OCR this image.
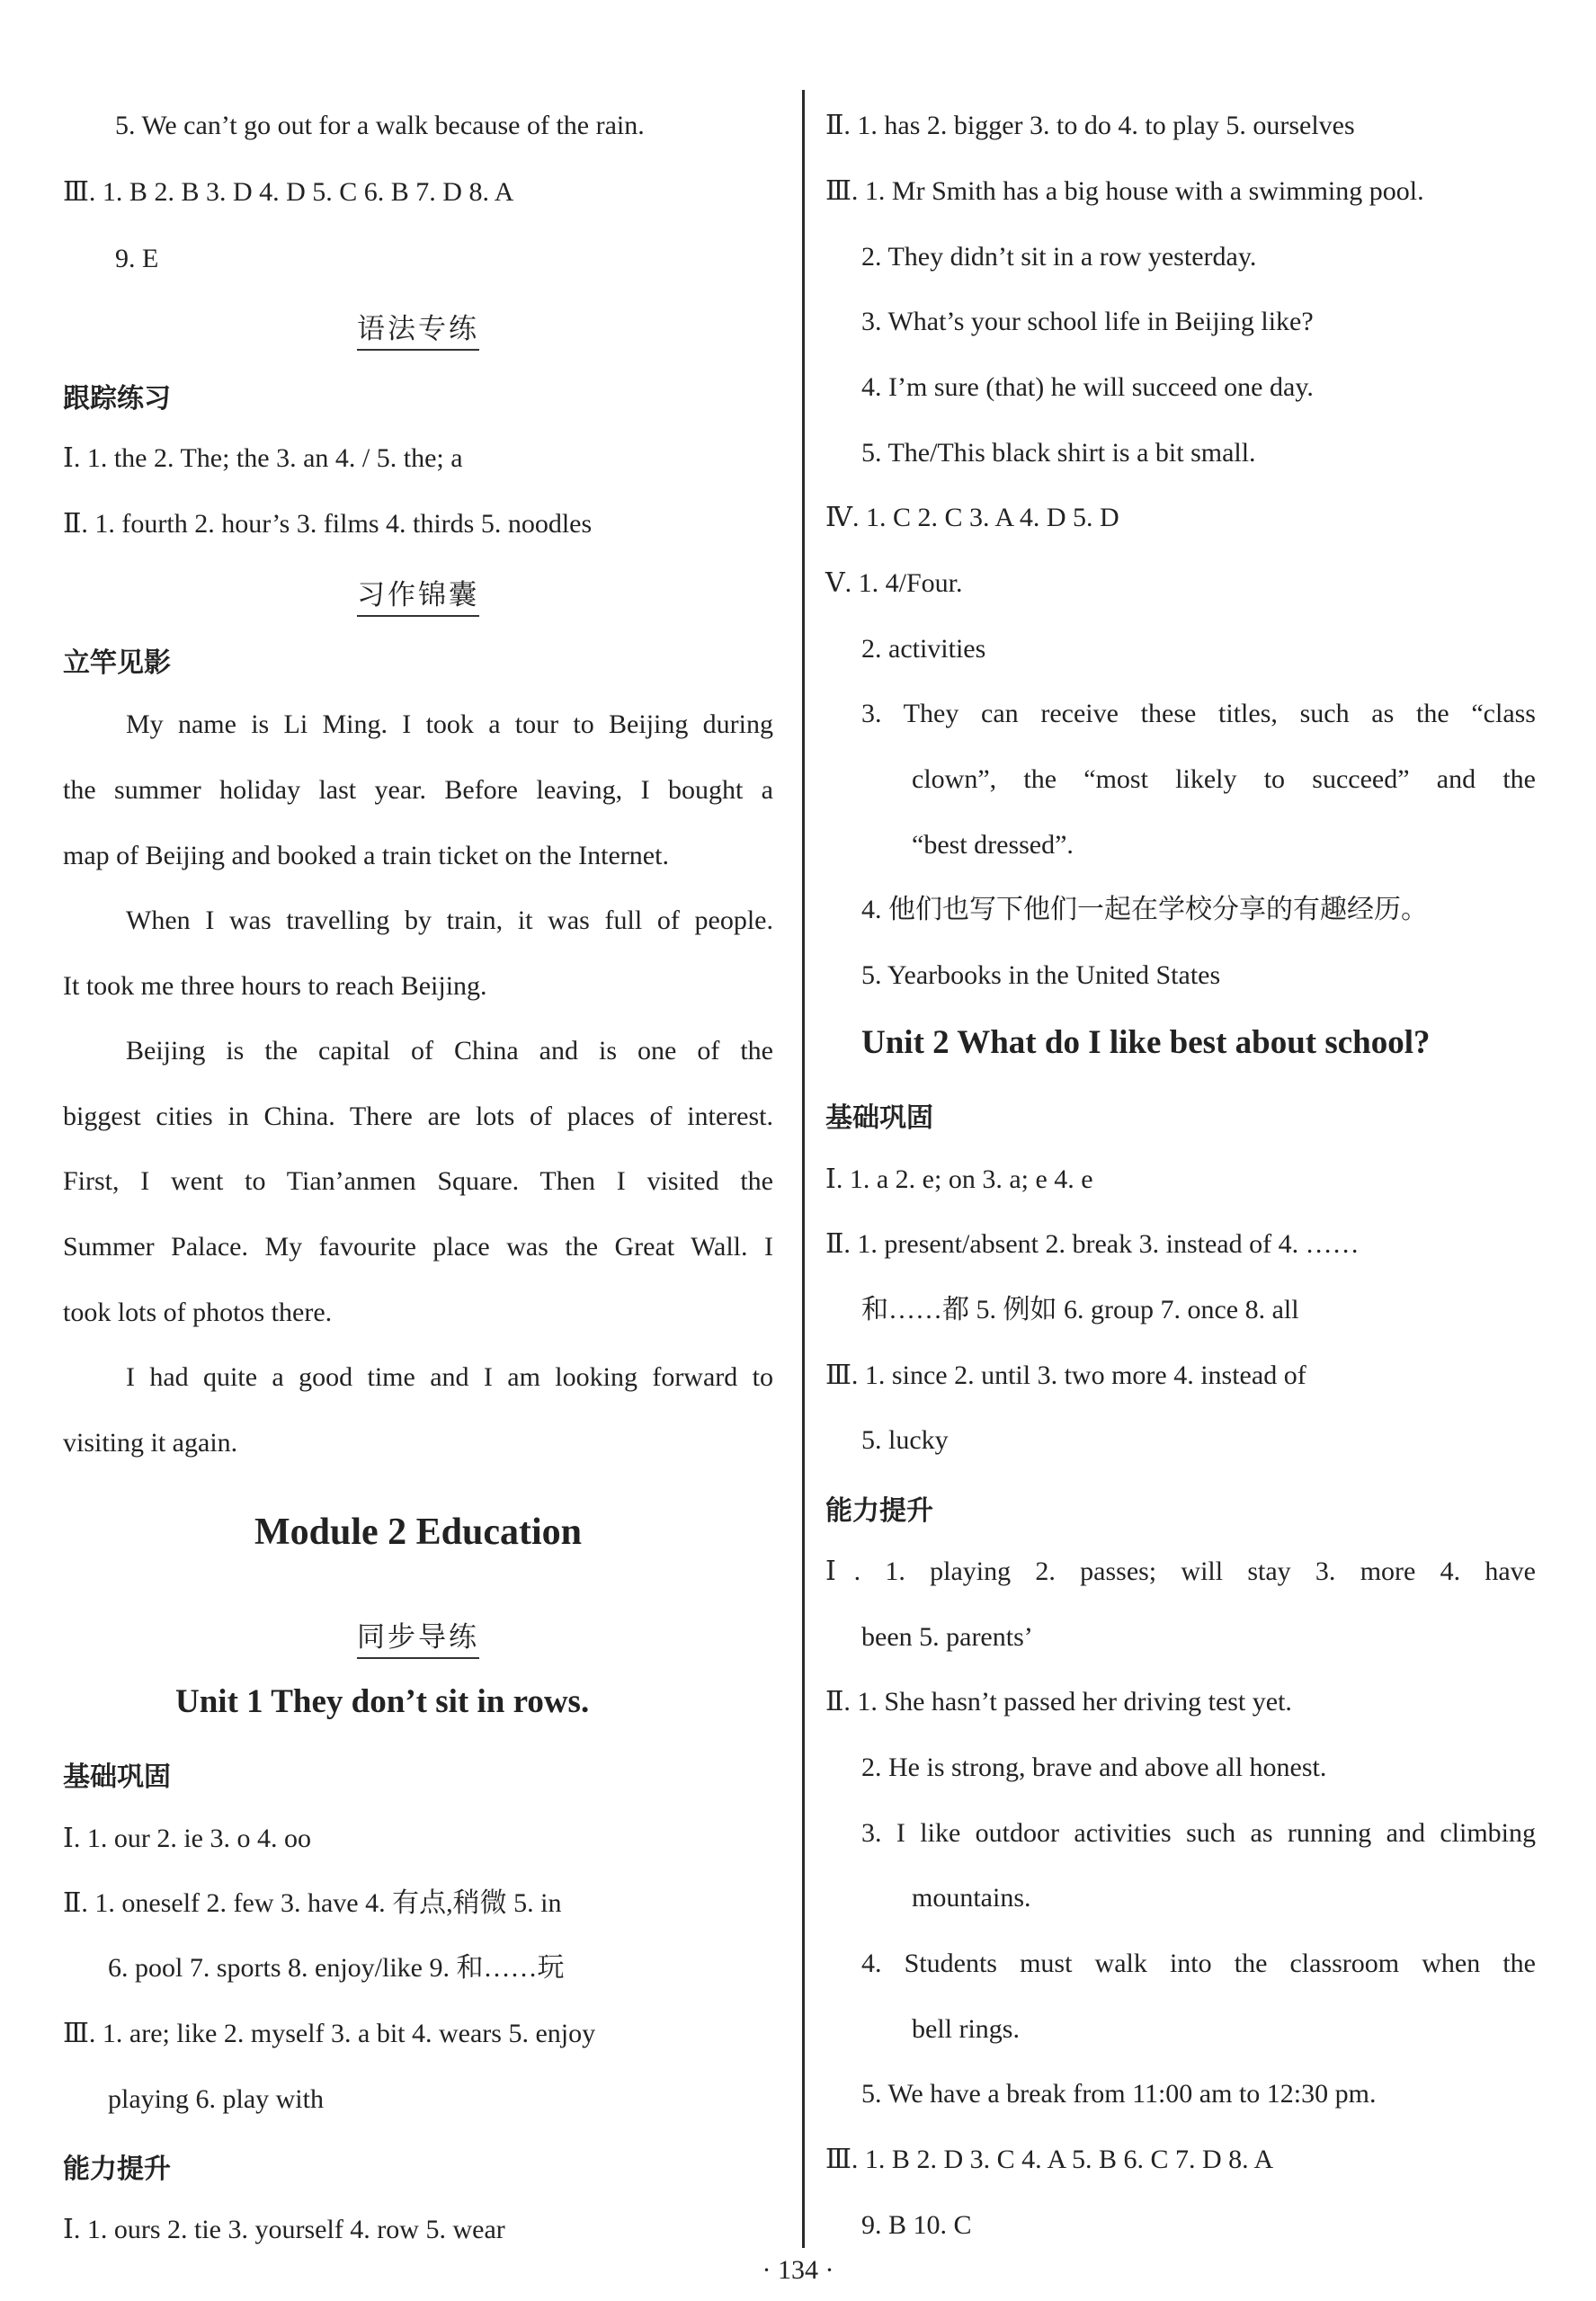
5. We can’t go out for a walk because of the rain.
Ⅲ. 1. B 2. B 3. D 4. D 5. C 6. B 7. D 8. A
9. E
语法专练
跟踪练习
Ⅰ. 1. the 2. The; the 3. an 4. / 5. the; a
Ⅱ. 1. fourth 2. hour’s 3. films 4. thirds 5. noodles
习作锦囊
立竿见影
My name is Li Ming. I took a tour to Beijing during
the summer holiday last year. Before leaving, I bought a
map of Beijing and booked a train ticket on the Internet.
When I was travelling by train, it was full of people.
It took me three hours to reach Beijing.
Beijing is the capital of China and is one of the
biggest cities in China. There are lots of places of interest.
First, I went to Tian’anmen Square. Then I visited the
Summer Palace. My favourite place was the Great Wall. I
took lots of photos there.
I had quite a good time and I am looking forward to
visiting it again.
Module 2 Education
同步导练
Unit 1 They don’t sit in rows.
基础巩固
Ⅰ. 1. our 2. ie 3. o 4. oo
Ⅱ. 1. oneself 2. few 3. have 4. 有点,稍微 5. in
6. pool 7. sports 8. enjoy/like 9. 和……玩
Ⅲ. 1. are; like 2. myself 3. a bit 4. wears 5. enjoy
playing 6. play with
能力提升
Ⅰ. 1. ours 2. tie 3. yourself 4. row 5. wear
Ⅱ. 1. has 2. bigger 3. to do 4. to play 5. ourselves
Ⅲ. 1. Mr Smith has a big house with a swimming pool.
2. They didn’t sit in a row yesterday.
3. What’s your school life in Beijing like?
4. I’m sure (that) he will succeed one day.
5. The/This black shirt is a bit small.
Ⅳ. 1. C 2. C 3. A 4. D 5. D
Ⅴ. 1. 4/Four.
2. activities
3. They can receive these titles, such as the “class
clown”, the “most likely to succeed” and the
“best dressed”.
4. 他们也写下他们一起在学校分享的有趣经历。
5. Yearbooks in the United States
Unit 2 What do I like best about school?
基础巩固
Ⅰ. 1. a 2. e; on 3. a; e 4. e
Ⅱ. 1. present/absent 2. break 3. instead of 4. ……
和……都 5. 例如 6. group 7. once 8. all
Ⅲ. 1. since 2. until 3. two more 4. instead of
5. lucky
能力提升
Ⅰ. 1. playing 2. passes; will stay 3. more 4. have
been 5. parents’
Ⅱ. 1. She hasn’t passed her driving test yet.
2. He is strong, brave and above all honest.
3. I like outdoor activities such as running and climbing
mountains.
4. Students must walk into the classroom when the
bell rings.
5. We have a break from 11:00 am to 12:30 pm.
Ⅲ. 1. B 2. D 3. C 4. A 5. B 6. C 7. D 8. A
9. B 10. C
· 134 ·
